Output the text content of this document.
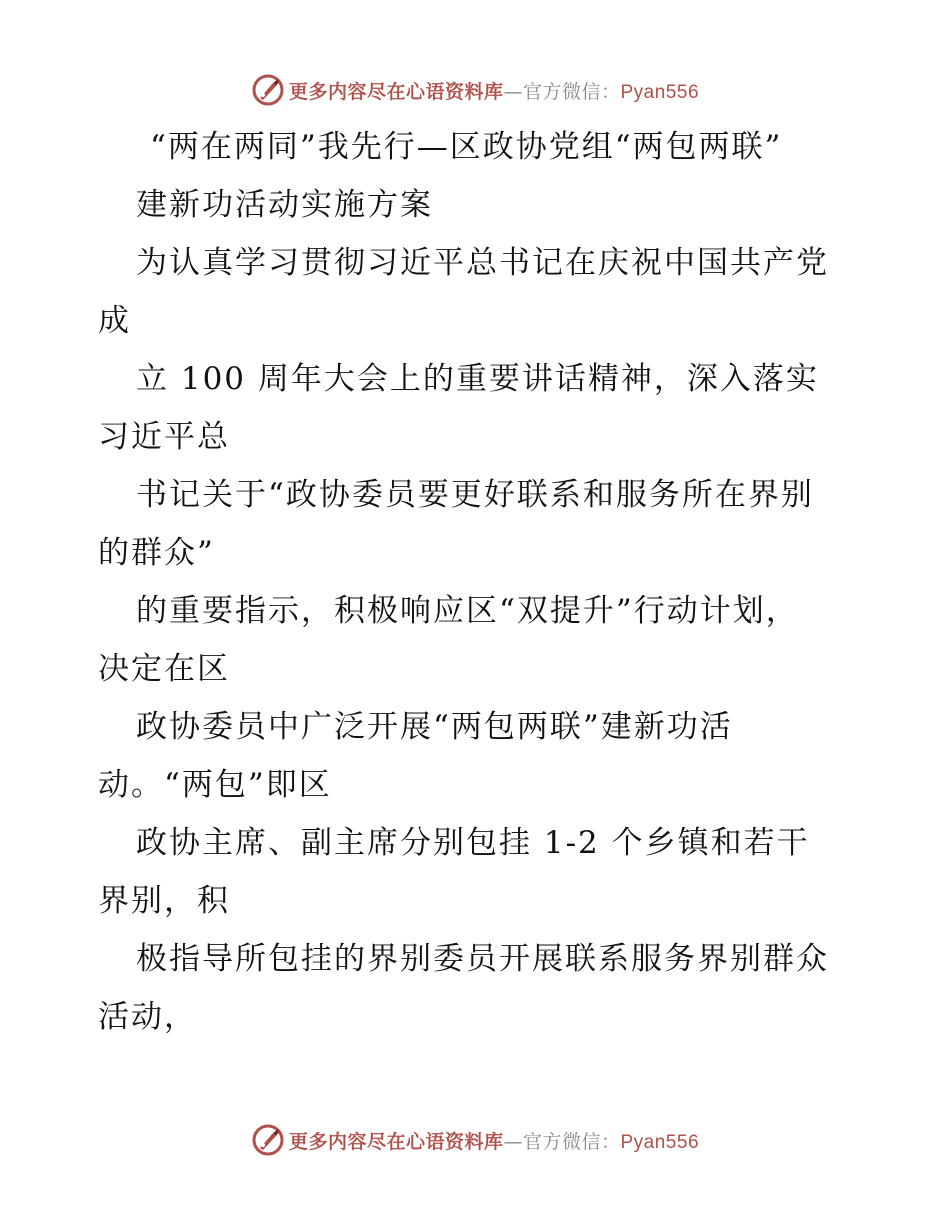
更多内容尽在心语资料库—官方微信：Pyan556
“两在两同”我先行—区政协党组“两包两联”
建新功活动实施方案
为认真学习贯彻习近平总书记在庆祝中国共产党
成
立 100 周年大会上的重要讲话精神，深入落实
习近平总
书记关于“政协委员要更好联系和服务所在界别
的群众”
的重要指示，积极响应区“双提升”行动计划，
决定在区
政协委员中广泛开展“两包两联”建新功活
动。“两包”即区
政协主席、副主席分别包挂 1-2 个乡镇和若干
界别，积
极指导所包挂的界别委员开展联系服务界别群众
活动，
更多内容尽在心语资料库—官方微信：Pyan556
